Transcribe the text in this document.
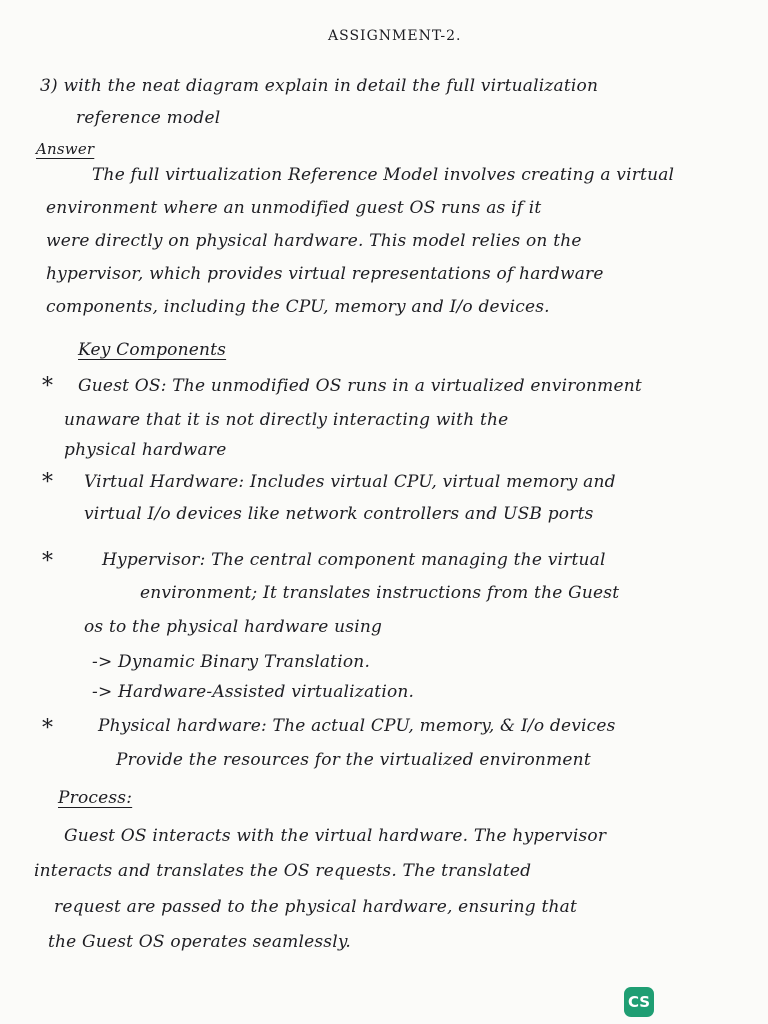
ASSIGNMENT-2.
3) with the neat diagram explain in detail the full virtualization
reference model
Answer
The full virtualization Reference Model involves creating a virtual
environment where an unmodified guest OS runs as if it
were directly on physical hardware. This model relies on the
hypervisor, which provides virtual representations of hardware
components, including the CPU, memory and I/o devices.
Key Components
* Guest OS: The unmodified OS runs in a virtualized environment
unaware that it is not directly interacting with the
physical hardware
* Virtual Hardware: Includes virtual CPU, virtual memory and
virtual I/o devices like network controllers and USB ports
*	Hypervisor: The central component managing the virtual
environment; It translates instructions from the Guest
os to the physical hardware using
-> Dynamic Binary Translation.
-> Hardware-Assisted virtualization.
*	Physical hardware: The actual CPU, memory, & I/o devices
Provide the resources for the virtualized environment
Process:
Guest OS interacts with the virtual hardware. The hypervisor
interacts and translates the OS requests. The translated
request are passed to the physical hardware, ensuring that
the Guest OS operates seamlessly.
CS
